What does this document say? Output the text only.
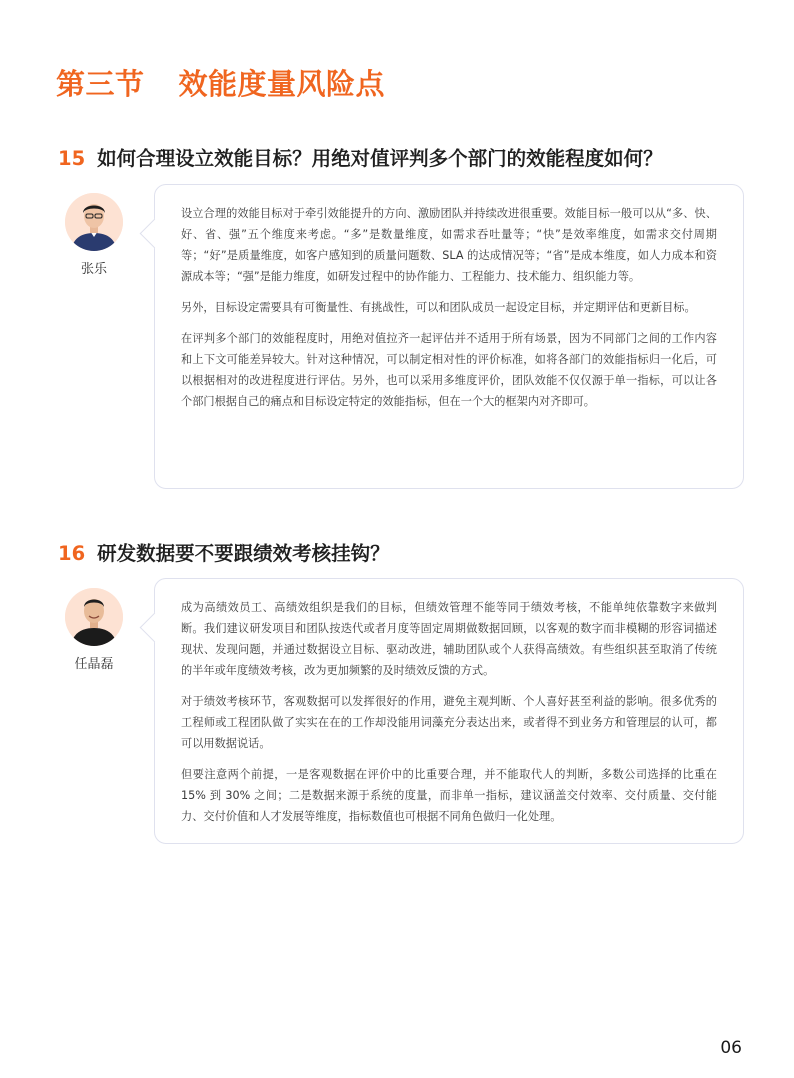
第三节 效能度量风险点
15 如何合理设立效能目标？用绝对值评判多个部门的效能程度如何？
张乐

设立合理的效能目标对于牵引效能提升的方向、激励团队并持续改进很重要。效能目标一般可以从“多、快、好、省、强”五个维度来考虑。“多”是数量维度，如需求吞吐量等；“快”是效率维度，如需求交付周期等；“好”是质量维度，如客户感知到的质量问题数、SLA 的达成情况等；“省”是成本维度，如人力成本和资源成本等；“强”是能力维度，如研发过程中的协作能力、工程能力、技术能力、组织能力等。

另外，目标设定需要具有可衡量性、有挑战性，可以和团队成员一起设定目标，并定期评估和更新目标。

在评判多个部门的效能程度时，用绝对值拉齐一起评估并不适用于所有场景，因为不同部门之间的工作内容和上下文可能差异较大。针对这种情况，可以制定相对性的评价标准，如将各部门的效能指标归一化后，可以根据相对的改进程度进行评估。另外，也可以采用多维度评价，团队效能不仅仅源于单一指标，可以让各个部门根据自己的痛点和目标设定特定的效能指标，但在一个大的框架内对齐即可。

16 研发数据要不要跟绩效考核挂钩？
任晶磊

成为高绩效员工、高绩效组织是我们的目标，但绩效管理不能等同于绩效考核，不能单纯依靠数字来做判断。我们建议研发项目和团队按迭代或者月度等固定周期做数据回顾，以客观的数字而非模糊的形容词描述现状、发现问题，并通过数据设立目标、驱动改进，辅助团队或个人获得高绩效。有些组织甚至取消了传统的半年或年度绩效考核，改为更加频繁的及时绩效反馈的方式。

对于绩效考核环节，客观数据可以发挥很好的作用，避免主观判断、个人喜好甚至利益的影响。很多优秀的工程师或工程团队做了实实在在的工作却没能用词藻充分表达出来，或者得不到业务方和管理层的认可，都可以用数据说话。

但要注意两个前提，一是客观数据在评价中的比重要合理，并不能取代人的判断，多数公司选择的比重在 15% 到 30% 之间；二是数据来源于系统的度量，而非单一指标，建议涵盖交付效率、交付质量、交付能力、交付价值和人才发展等维度，指标数值也可根据不同角色做归一化处理。

06
